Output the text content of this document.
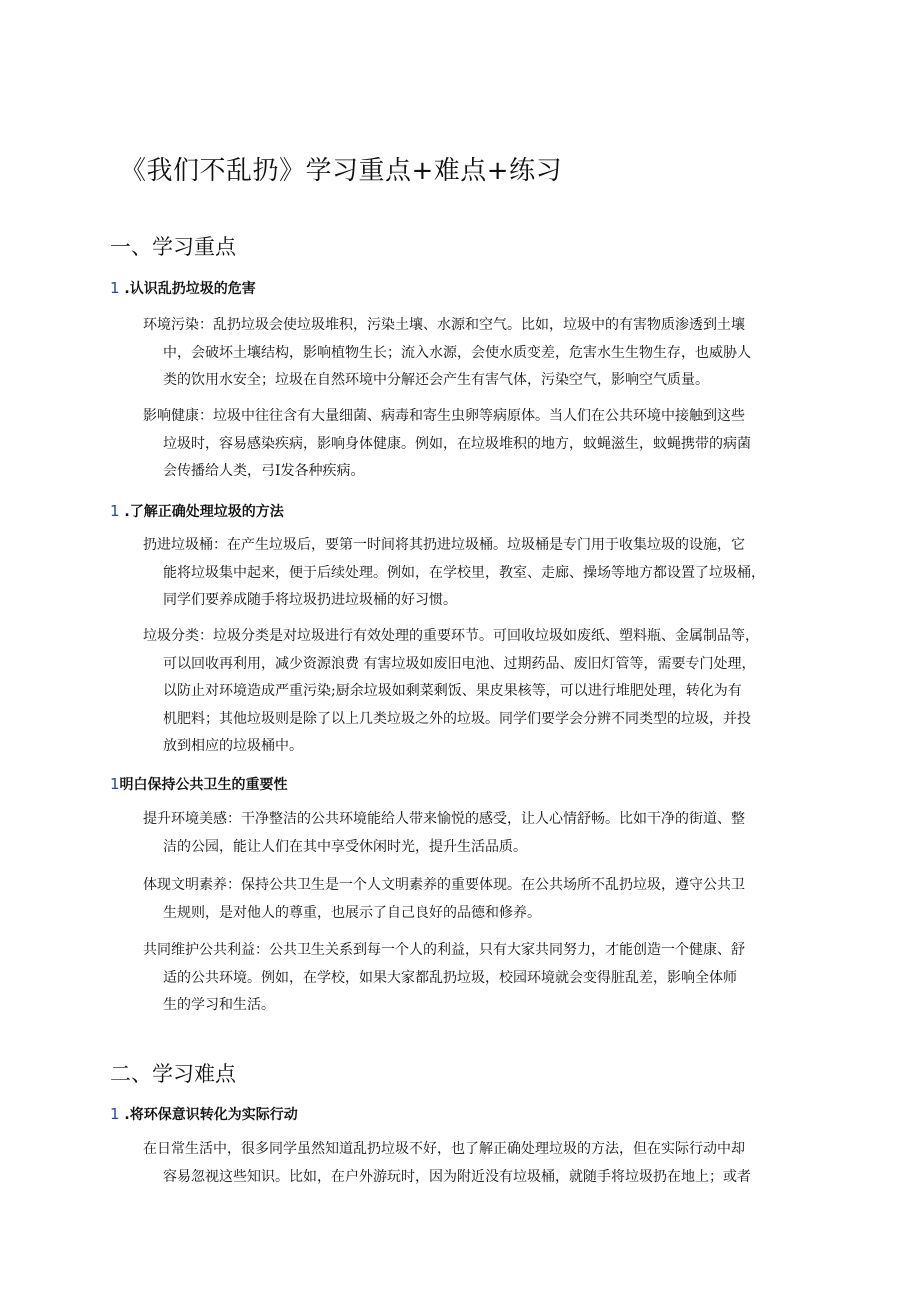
《我们不乱扔》学习重点+难点+练习
一、学习重点
1 .认识乱扔垃圾的危害
环境污染：乱扔垃圾会使垃圾堆积，污染土壤、水源和空气。比如，垃圾中的有害物质渗透到土壤
中，会破坏土壤结构，影响植物生长；流入水源，会使水质变差，危害水生生物生存，也威胁人
类的饮用水安全；垃圾在自然环境中分解还会产生有害气体，污染空气，影响空气质量。
影响健康：垃圾中往往含有大量细菌、病毒和寄生虫卵等病原体。当人们在公共环境中接触到这些
垃圾时，容易感染疾病，影响身体健康。例如，在垃圾堆积的地方，蚊蝇滋生，蚊蝇携带的病菌
会传播给人类，弓I发各种疾病。
1 .了解正确处理垃圾的方法
扔进垃圾桶：在产生垃圾后，要第一时间将其扔进垃圾桶。垃圾桶是专门用于收集垃圾的设施，它
能将垃圾集中起来，便于后续处理。例如，在学校里，教室、走廊、操场等地方都设置了垃圾桶，
同学们要养成随手将垃圾扔进垃圾桶的好习惯。
垃圾分类：垃圾分类是对垃圾进行有效处理的重要环节。可回收垃圾如废纸、塑料瓶、金属制品等，
可以回收再利用，减少资源浪费 有害垃圾如废旧电池、过期药品、废旧灯管等，需要专门处理，
以防止对环境造成严重污染;厨余垃圾如剩菜剩饭、果皮果核等，可以进行堆肥处理，转化为有
机肥料；其他垃圾则是除了以上几类垃圾之外的垃圾。同学们要学会分辨不同类型的垃圾，并投
放到相应的垃圾桶中。
1明白保持公共卫生的重要性
提升环境美感：干净整洁的公共环境能给人带来愉悦的感受，让人心情舒畅。比如干净的街道、整
洁的公园，能让人们在其中享受休闲时光，提升生活品质。
体现文明素养：保持公共卫生是一个人文明素养的重要体现。在公共场所不乱扔垃圾，遵守公共卫
生规则，是对他人的尊重，也展示了自己良好的品德和修养。
共同维护公共利益：公共卫生关系到每一个人的利益，只有大家共同努力，才能创造一个健康、舒
适的公共环境。例如，在学校，如果大家都乱扔垃圾，校园环境就会变得脏乱差，影响全体师
生的学习和生活。
二、学习难点
1 .将环保意识转化为实际行动
在日常生活中，很多同学虽然知道乱扔垃圾不好，也了解正确处理垃圾的方法，但在实际行动中却
容易忽视这些知识。比如，在户外游玩时，因为附近没有垃圾桶，就随手将垃圾扔在地上；或者
